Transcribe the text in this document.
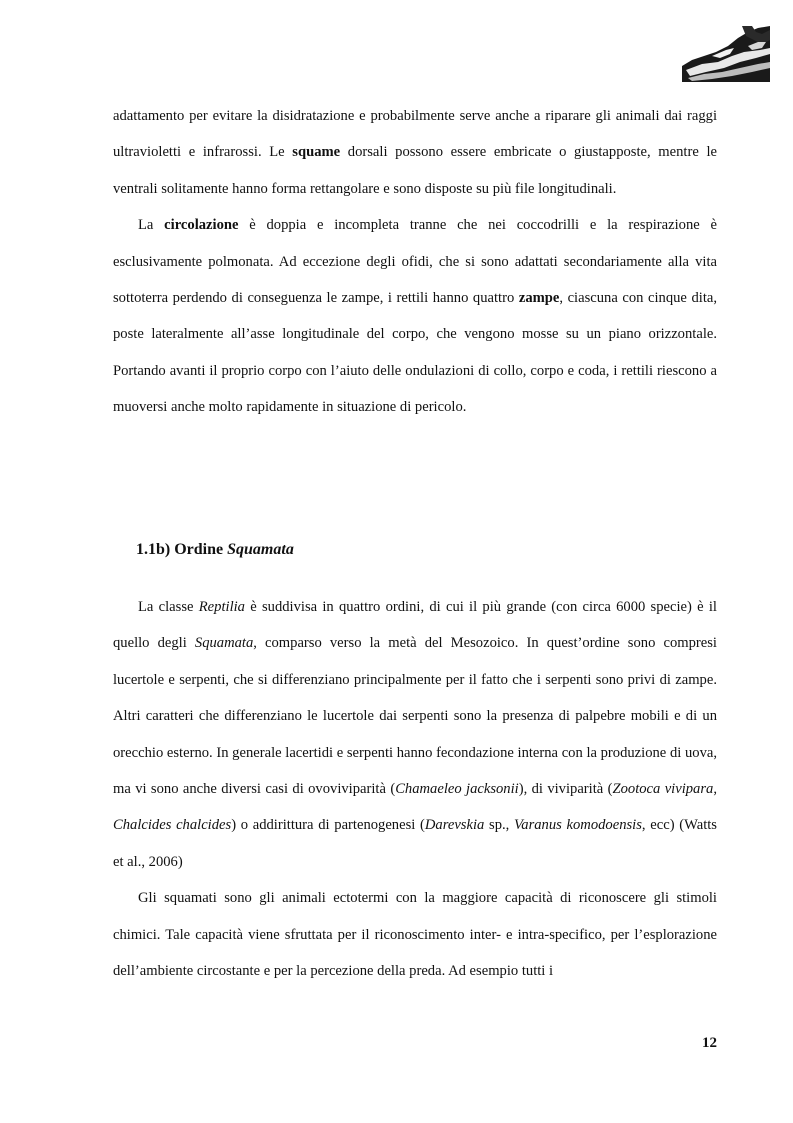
adattamento per evitare la disidratazione e probabilmente serve anche a riparare gli animali dai raggi ultravioletti e infrarossi. Le squame dorsali possono essere embricate o giustapposte, mentre le ventrali solitamente hanno forma rettangolare e sono disposte su più file longitudinali.

La circolazione è doppia e incompleta tranne che nei coccodrilli e la respirazione è esclusivamente polmonata. Ad eccezione degli ofidi, che si sono adattati secondariamente alla vita sottoterra perdendo di conseguenza le zampe, i rettili hanno quattro zampe, ciascuna con cinque dita, poste lateralmente all’asse longitudinale del corpo, che vengono mosse su un piano orizzontale. Portando avanti il proprio corpo con l’aiuto delle ondulazioni di collo, corpo e coda, i rettili riescono a muoversi anche molto rapidamente in situazione di pericolo.

1.1b) Ordine Squamata

La classe Reptilia è suddivisa in quattro ordini, di cui il più grande (con circa 6000 specie) è il quello degli Squamata, comparso verso la metà del Mesozoico. In quest’ordine sono compresi lucertole e serpenti, che si differenziano principalmente per il fatto che i serpenti sono privi di zampe. Altri caratteri che differenziano le lucertole dai serpenti sono la presenza di palpebre mobili e di un orecchio esterno. In generale lacertidi e serpenti hanno fecondazione interna con la produzione di uova, ma vi sono anche diversi casi di ovoviviparità (Chamaeleo jacksonii), di viviparità (Zootoca vivipara, Chalcides chalcides) o addirittura di partenogenesi (Darevskia sp., Varanus komodoensis, ecc) (Watts et al., 2006)

Gli squamati sono gli animali ectotermi con la maggiore capacità di riconoscere gli stimoli chimici. Tale capacità viene sfruttata per il riconoscimento inter- e intra-specifico, per l’esplorazione dell’ambiente circostante e per la percezione della preda. Ad esempio tutti i

12
